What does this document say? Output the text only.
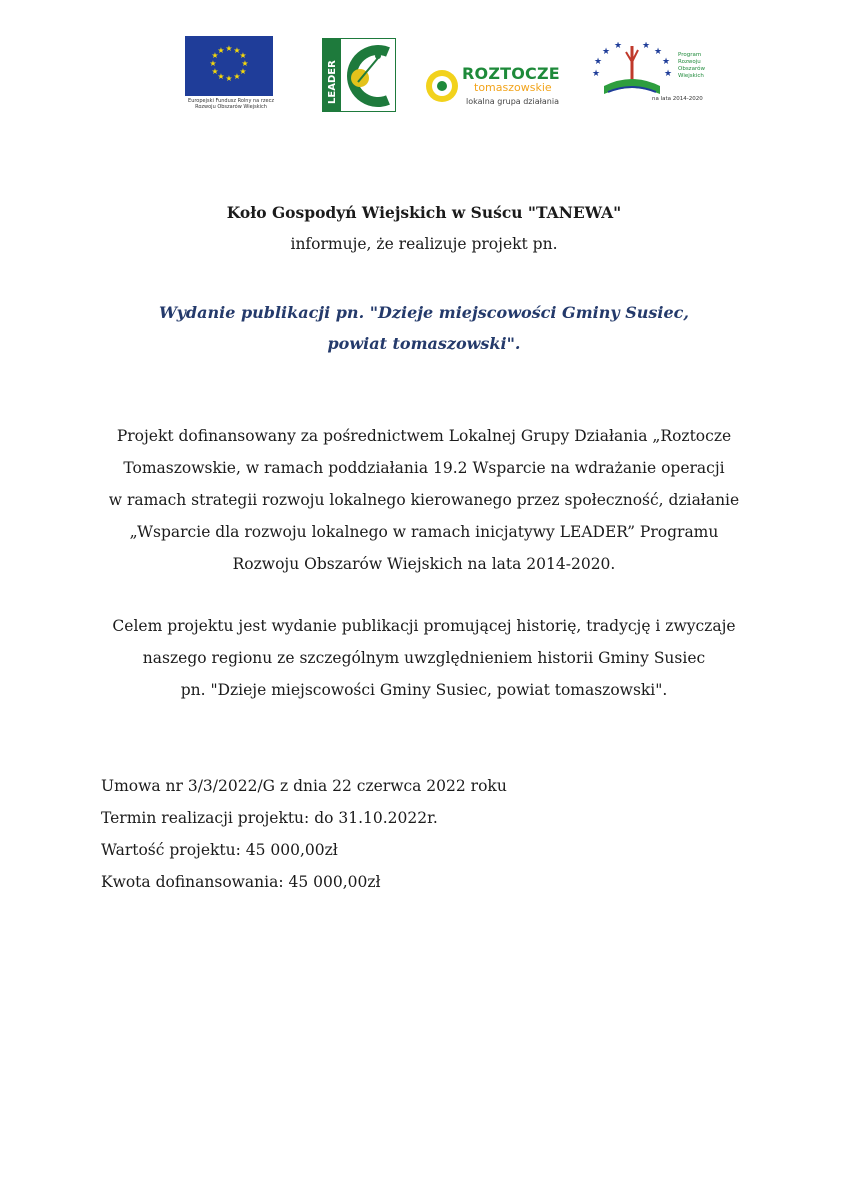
★ ★
★
★
★
★
★
★
★
★
★
★
Europejski Fundusz Rolny na rzecz
Rozwoju Obszarów Wiejskich
LEADER	ROZTOCZE
tomaszowskie
lokalna grupa działania
★
★
★ ★
★
★
★	★
Program
Rozwoju
Obszarów
Wiejskich
na lata 2014-2020
Koło Gospodyń Wiejskich w Suścu "TANEWA"
informuje, że realizuje projekt pn.
Wydanie publikacji pn. "Dzieje miejscowości Gminy Susiec,
powiat tomaszowski".
Projekt dofinansowany za pośrednictwem Lokalnej Grupy Działania „Roztocze
Tomaszowskie, w ramach poddziałania 19.2 Wsparcie na wdrażanie operacji
w ramach strategii rozwoju lokalnego kierowanego przez społeczność, działanie
„Wsparcie dla rozwoju lokalnego w ramach inicjatywy LEADER” Programu
Rozwoju Obszarów Wiejskich na lata 2014-2020.
Celem projektu jest wydanie publikacji promującej historię, tradycję i zwyczaje
naszego regionu ze szczególnym uwzględnieniem historii Gminy Susiec
pn. "Dzieje miejscowości Gminy Susiec, powiat tomaszowski".
Umowa nr 3/3/2022/G z dnia 22 czerwca 2022 roku
Termin realizacji projektu: do 31.10.2022r.
Wartość projektu: 45 000,00zł
Kwota dofinansowania: 45 000,00zł
